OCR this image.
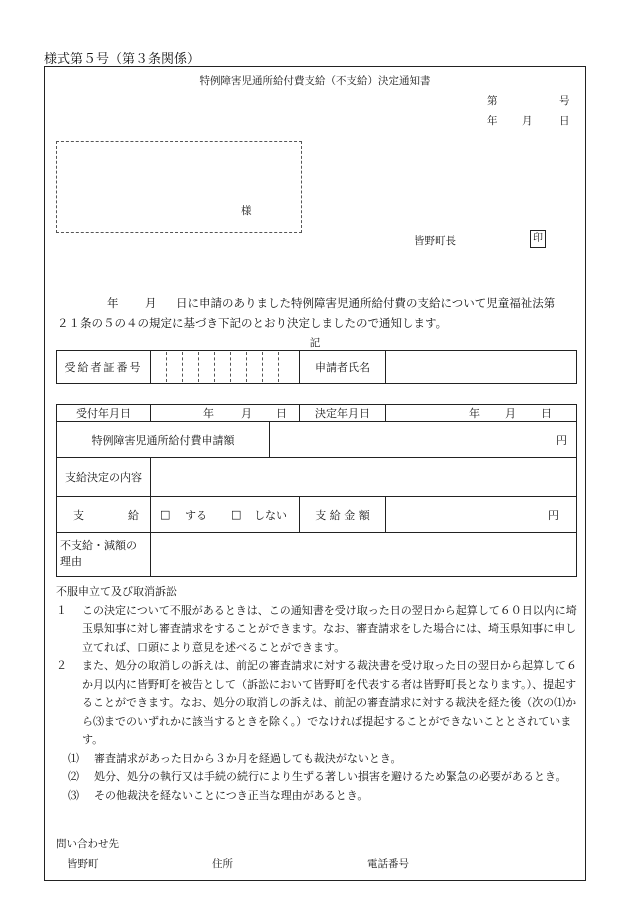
様式第５号（第３条関係）
特例障害児通所給付費支給（不支給）決定通知書
第	号
年 月	日
様
皆野町長	印
年 月 日に申請のありました特例障害児通所給付費の支給について児童福祉法第
２１条の５の４の規定に基づき下記のとおり決定しましたので通知します。
記
受給者証番号	申請者氏名
受付年月日	年 月 日	決定年月日	年 月 日
特例障害児通所給付費申請額	円
支給決定の内容
支	給 □ する □ しない	支 給 金 額	円
不支給・減額の
理由
不服申立て及び取消訴訟
１	この決定について不服があるときは、この通知書を受け取った日の翌日から起算して６０日以内に埼玉県知事に対し審査請求をすることができます。なお、審査請求をした場合には、埼玉県知事に申し立てれば、口頭により意見を述べることができます。
２	また、処分の取消しの訴えは、前記の審査請求に対する裁決書を受け取った日の翌日から起算して６か月以内に皆野町を被告として（訴訟において皆野町を代表する者は皆野町長となります。）、提起することができます。なお、処分の取消しの訴えは、前記の審査請求に対する裁決を経た後（次の⑴から⑶までのいずれかに該当するときを除く。）でなければ提起することができないこととされています。
⑴	審査請求があった日から３か月を経過しても裁決がないとき。
⑵	処分、処分の執行又は手続の続行により生ずる著しい損害を避けるため緊急の必要があるとき。
⑶	その他裁決を経ないことにつき正当な理由があるとき。
問い合わせ先
皆野町	住所	電話番号
